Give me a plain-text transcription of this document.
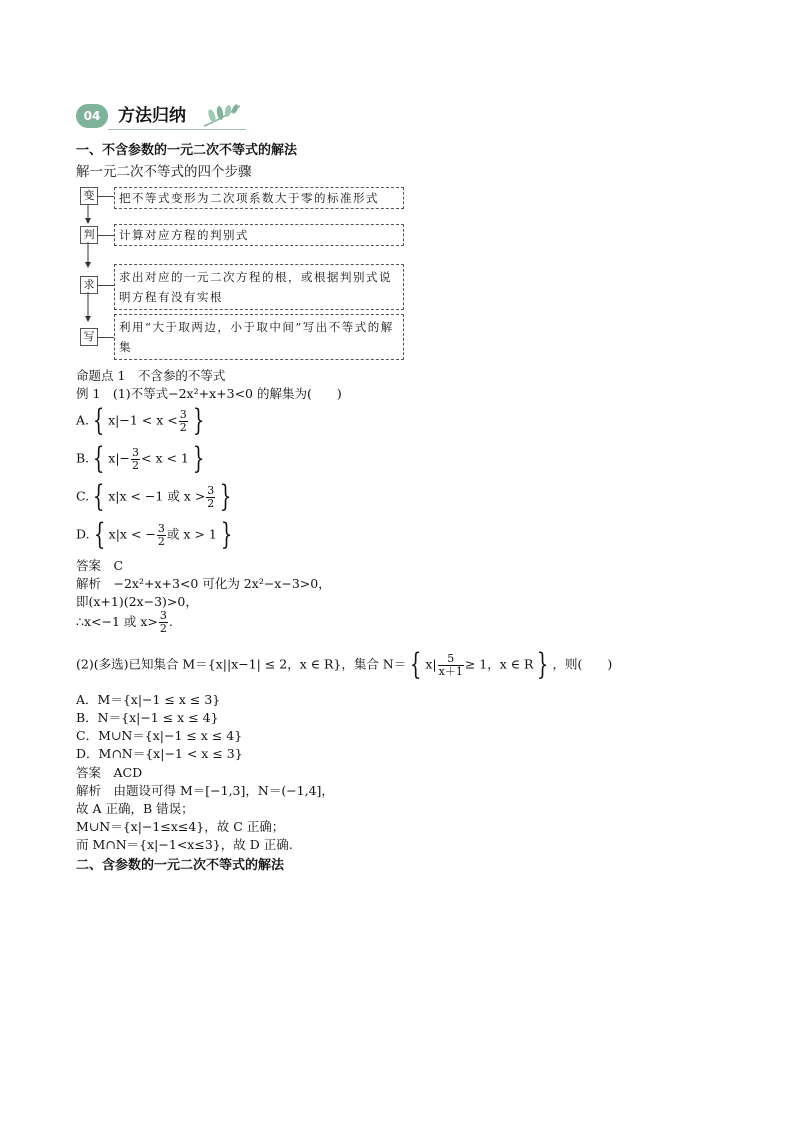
04	方法归纳
一、不含参数的一元二次不等式的解法
解一元二次不等式的四个步骤
变	把不等式变形为二次项系数大于零的标准形式
判	计算对应方程的判别式
求
求出对应的一元二次方程的根，或根据判别式说明方程有没有实根
写
利用“大于取两边，小于取中间”写出不等式的解集
命题点 1　不含参的不等式
例 1　(1)不等式−2x²+x+3<0 的解集为(　　)
A. { $x|-1 < x < \frac{3}{2}$ }
B. { $x|- \frac{3}{2} < x < 1$ }
C. { x|x < −1 或 $x > \frac{3}{2}$ }
D. { x|x < − $\frac{3}{2}$ 或 x > 1 }
答案　C
解析　−2x²+x+3<0 可化为 2x²−x−3>0，
即(x+1)(2x−3)>0，
∴x<−1 或 $x> \frac{3}{2}$ .
(2)(多选)已知集合 M＝{x||x−1| ≤ 2，x ∈ R}，集合 N＝ { $x| \frac{5}{x+1} \ge 1$，x ∈ R } ，则(　　)
A．M＝{x|−1 ≤ x ≤ 3}
B．N＝{x|−1 ≤ x ≤ 4}
C．M∪N＝{x|−1 ≤ x ≤ 4}
D．M∩N＝{x|−1 < x ≤ 3}
答案　ACD
解析　由题设可得 M＝[−1,3]，N＝(−1,4]，
故 A 正确，B 错误；
M∪N＝{x|−1≤x≤4}，故 C 正确；
而 M∩N＝{x|−1<x≤3}，故 D 正确.
二、含参数的一元二次不等式的解法
